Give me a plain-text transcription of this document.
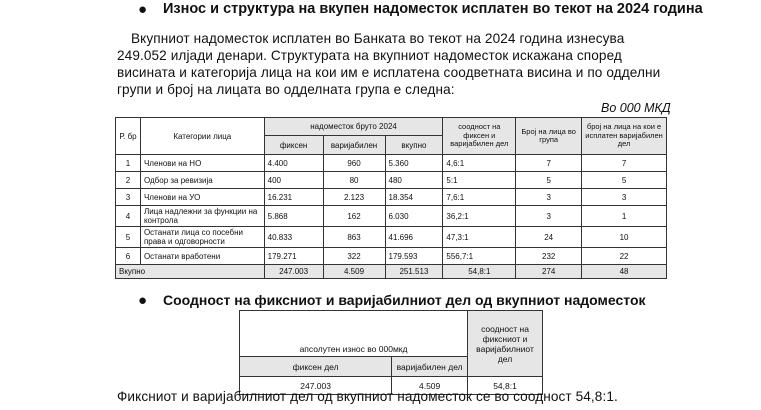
● Износ и структура на вкупен надоместок исплатен во текот на 2024 година
Вкупниот надоместок исплатен во Банката во текот на 2024 година изнесува
249.052 илјади денари. Структурата на вкупниот надоместок искажана според
висината и категорија лица на кои им е исплатена соодветната висина и по одделни
групи и број на лицата во одделната група е следна:
Во 000 МКД
Р. бр	Категории лица	надоместок бруто 2024			соодност на фиксен и варијабилен дел	Број на лица во група	број на лица на кои е исплатен варијабилен дел
		фиксен	варијабилен	вкупно			
1	Членови на НО	4.400	960	5.360	4,6:1	7	7
2	Одбор за ревизија	400	80	480	5:1	5	5
3	Членови на УО	16.231	2.123	18.354	7,6:1	3	3
4	Лица надлежни за функции на контрола	5.868	162	6.030	36,2:1	3	1
5	Останати лица со посебни права и одговорности	40.833	863	41.696	47,3:1	24	10
6	Останати вработени	179.271	322	179.593	556,7:1	232	22
Вкупно		247.003	4.509	251.513	54,8:1	274	48
● Соодност на фиксниот и варијабилниот дел од вкупниот надоместок
апсолутен износ во 000мкд		соодност на фиксниот и варијабилниот дел
фиксен дел	варијабилен дел	
247.003	4.509	54,8:1
Фиксниот и варијабилниот дел од вкупниот надоместок се во соодност 54,8:1.
